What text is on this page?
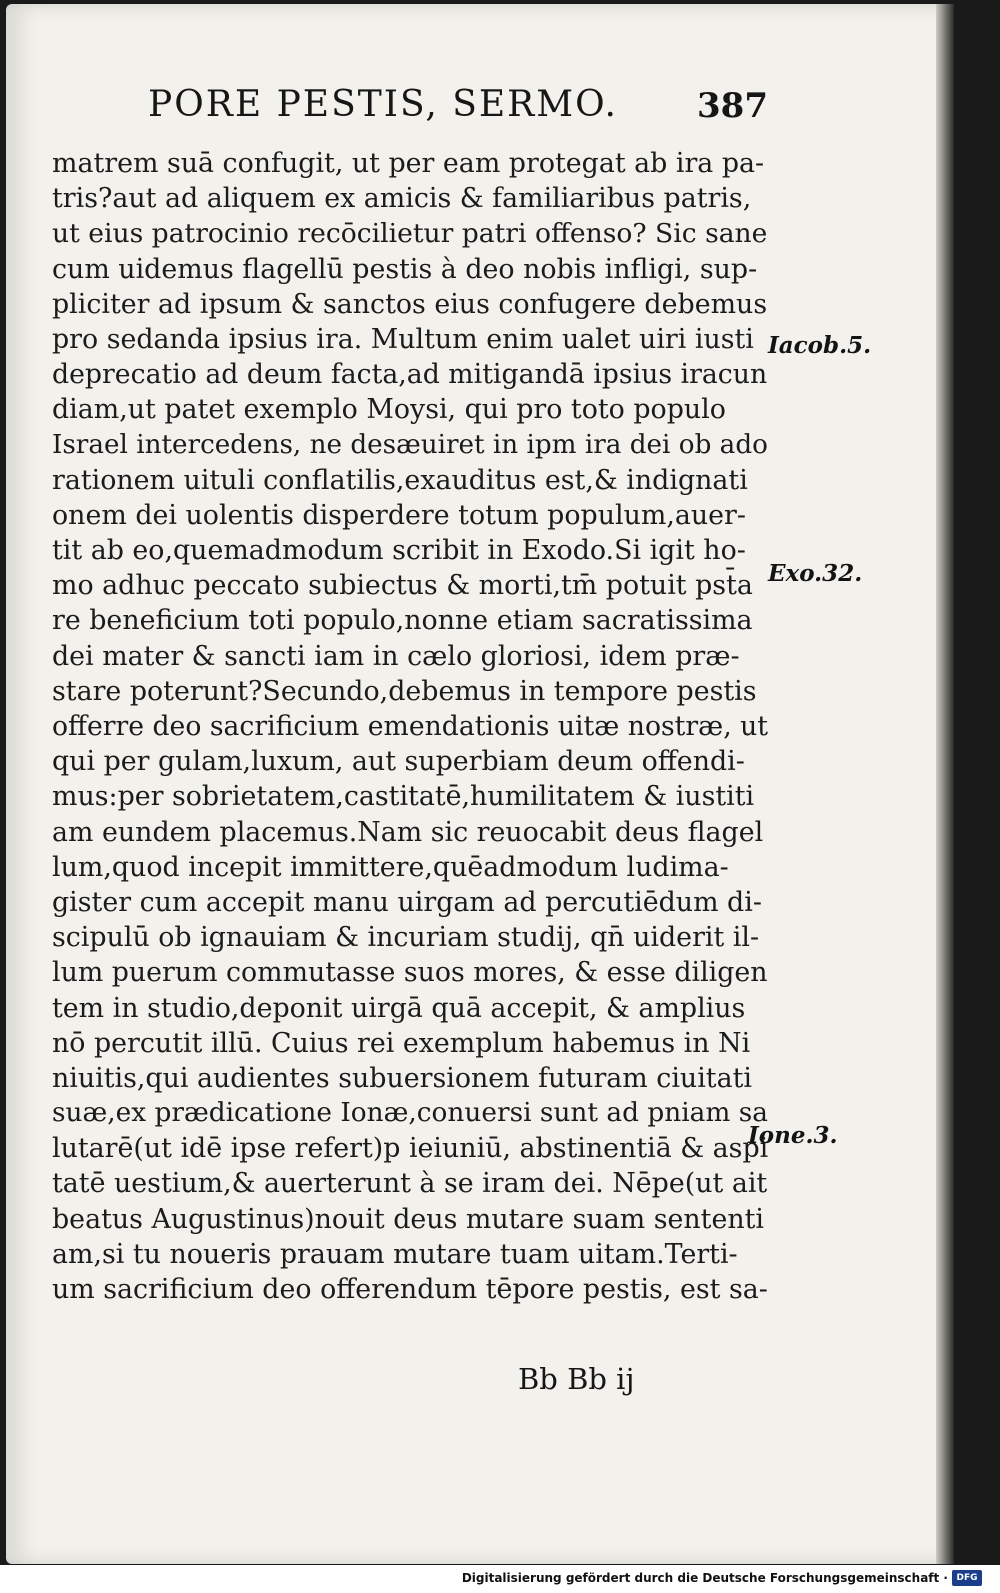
PORE PESTIS, SERMO. 387
matrem suā confugit, ut per eam protegat ab ira pa-
tris?aut ad aliquem ex amicis & familiaribus patris,
ut eius patrocinio recōcilietur patri offenso? Sic sane
cum uidemus flagellū pestis à deo nobis infligi, sup-
pliciter ad ipsum & sanctos eius confugere debemus
pro sedanda ipsius ira. Multum enim ualet uiri iusti
deprecatio ad deum facta,ad mitigandā ipsius iracun
diam,ut patet exemplo Moysi, qui pro toto populo
Israel intercedens, ne desæuiret in ipm ira dei ob ado
rationem uituli conflatilis,exauditus est,& indignati
onem dei uolentis disperdere totum populum,auer-
tit ab eo,quemadmodum scribit in Exodo.Si igit ho-
mo adhuc peccato subiectus & morti,tm̄ potuit pst̄a
re beneficium toti populo,nonne etiam sacratissima
dei mater & sancti iam in cælo gloriosi, idem præ-
stare poterunt?Secundo,debemus in tempore pestis
offerre deo sacrificium emendationis uitæ nostræ, ut
qui per gulam,luxum, aut superbiam deum offendi-
mus:per sobrietatem,castitatē,humilitatem & iustiti
am eundem placemus.Nam sic reuocabit deus flagel
lum,quod incepit immittere,quēadmodum ludima-
gister cum accepit manu uirgam ad percutiēdum di-
scipulū ob ignauiam & incuriam studij, qn̄ uiderit il-
lum puerum commutasse suos mores, & esse diligen
tem in studio,deponit uirgā quā accepit, & amplius
nō percutit illū. Cuius rei exemplum habemus in Ni
niuitis,qui audientes subuersionem futuram ciuitati
suæ,ex prædicatione Ionæ,conuersi sunt ad pniam sa
lutarē(ut idē ipse refert)p ieiuniū, abstinentiā & aspi
tatē uestium,& auerterunt à se iram dei. Nēpe(ut ait
beatus Augustinus)nouit deus mutare suam sententi
am,si tu noueris prauam mutare tuam uitam.Terti-
um sacrificium deo offerendum tēpore pestis, est sa-
Iacob.5.
Exo.32.
Ione.3.
Bb Bb ij
Digitalisierung gefördert durch die Deutsche Forschungsgemeinschaft · DFG
